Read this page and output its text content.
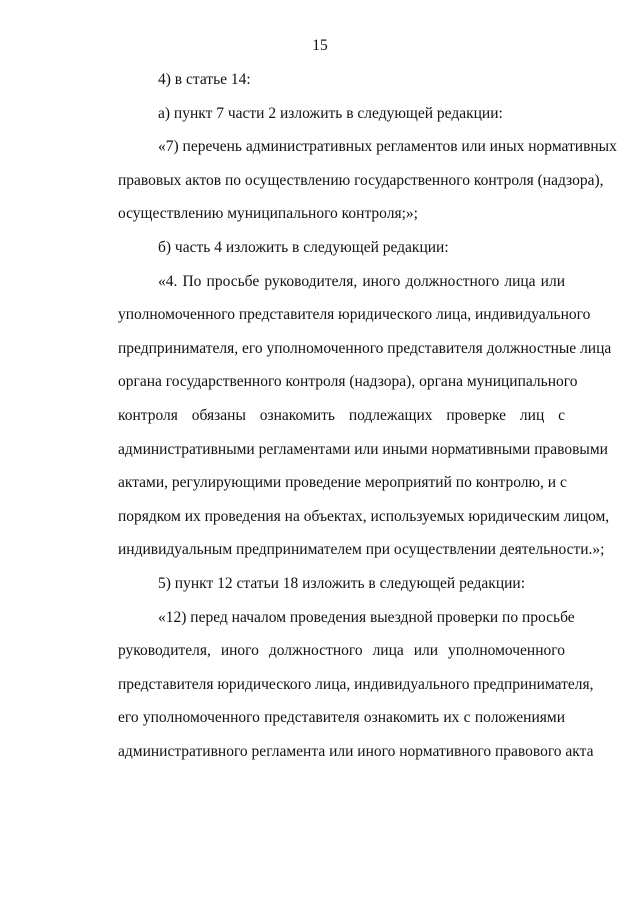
15
4) в статье 14:
а) пункт 7 части 2 изложить в следующей редакции:
«7) перечень административных регламентов или иных нормативных
правовых актов по осуществлению государственного контроля (надзора),
осуществлению муниципального контроля;»;
б) часть 4 изложить в следующей редакции:
«4. По просьбе руководителя, иного должностного лица или
уполномоченного представителя юридического лица, индивидуального
предпринимателя, его уполномоченного представителя должностные лица
органа государственного контроля (надзора), органа муниципального
контроля обязаны ознакомить подлежащих проверке лиц с
административными регламентами или иными нормативными правовыми
актами, регулирующими проведение мероприятий по контролю, и с
порядком их проведения на объектах, используемых юридическим лицом,
индивидуальным предпринимателем при осуществлении деятельности.»;
5) пункт 12 статьи 18 изложить в следующей редакции:
«12) перед началом проведения выездной проверки по просьбе
руководителя, иного должностного лица или уполномоченного
представителя юридического лица, индивидуального предпринимателя,
его уполномоченного представителя ознакомить их с положениями
административного регламента или иного нормативного правового акта
